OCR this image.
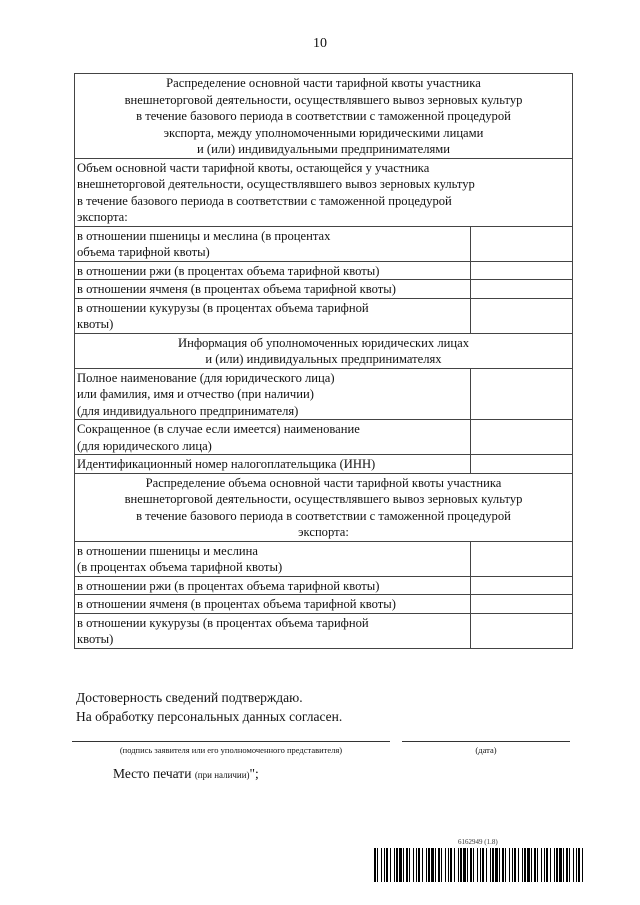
10
Распределение основной части тарифной квоты участника
внешнеторговой деятельности, осуществлявшего вывоз зерновых культур
в течение базового периода в соответствии с таможенной процедурой
экспорта, между уполномоченными юридическими лицами
и (или) индивидуальными предпринимателями	
Объем основной части тарифной квоты, остающейся у участника
внешнеторговой деятельности, осуществлявшего вывоз зерновых культур
в течение базового периода в соответствии с таможенной процедурой
экспорта:	
в отношении пшеницы и меслина (в процентах
объема тарифной квоты)	
в отношении ржи (в процентах объема тарифной квоты)	
в отношении ячменя (в процентах объема тарифной квоты)	
в отношении кукурузы (в процентах объема тарифной
квоты)	
Информация об уполномоченных юридических лицах
и (или) индивидуальных предпринимателях	
Полное наименование (для юридического лица)
или фамилия, имя и отчество (при наличии)
(для индивидуального предпринимателя)	
Сокращенное (в случае если имеется) наименование
(для юридического лица)	
Идентификационный номер налогоплательщика (ИНН)	
Распределение объема основной части тарифной квоты участника
внешнеторговой деятельности, осуществлявшего вывоз зерновых культур
в течение базового периода в соответствии с таможенной процедурой
экспорта:	
в отношении пшеницы и меслина
(в процентах объема тарифной квоты)	
в отношении ржи (в процентах объема тарифной квоты)	
в отношении ячменя (в процентах объема тарифной квоты)	
в отношении кукурузы (в процентах объема тарифной
квоты)	
Достоверность сведений подтверждаю.
На обработку персональных данных согласен.
(подпись заявителя или его уполномоченного представителя)	(дата)
Место печати (при наличии)";
6162949 (1.8)
